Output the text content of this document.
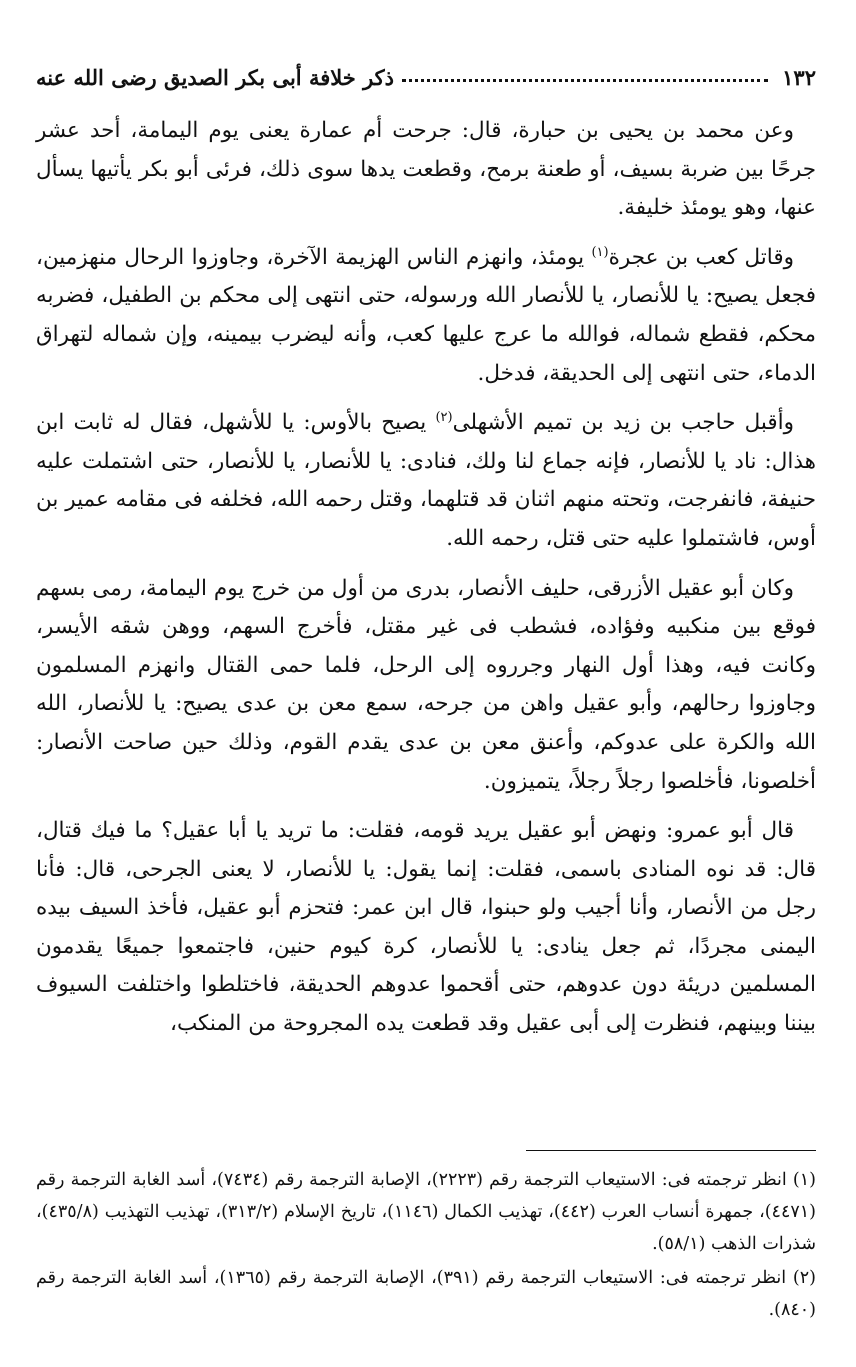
١٣٢
ذكر خلافة أبى بكر الصديق رضى الله عنه

وعن محمد بن يحيى بن حبارة، قال: جرحت أم عمارة يعنى يوم اليمامة، أحد عشر جرحًا بين ضربة بسيف، أو طعنة برمح، وقطعت يدها سوى ذلك، فرئى أبو بكر يأتيها يسأل عنها، وهو يومئذ خليفة.

وقاتل كعب بن عجرة$^{(١)}$ يومئذ، وانهزم الناس الهزيمة الآخرة، وجاوزوا الرحال منهزمين، فجعل يصيح: يا للأنصار، يا للأنصار الله ورسوله، حتى انتهى إلى محكم بن الطفيل، فضربه محكم، فقطع شماله، فوالله ما عرج عليها كعب، وأنه ليضرب بيمينه، وإن شماله لتهراق الدماء، حتى انتهى إلى الحديقة، فدخل.

وأقبل حاجب بن زيد بن تميم الأشهلى$^{(٢)}$ يصيح بالأوس: يا للأشهل، فقال له ثابت ابن هذال: ناد يا للأنصار، فإنه جماع لنا ولك، فنادى: يا للأنصار، يا للأنصار، حتى اشتملت عليه حنيفة، فانفرجت، وتحته منهم اثنان قد قتلهما، وقتل رحمه الله، فخلفه فى مقامه عمير بن أوس، فاشتملوا عليه حتى قتل، رحمه الله.

وكان أبو عقيل الأزرقى، حليف الأنصار، بدرى من أول من خرج يوم اليمامة، رمى بسهم فوقع بين منكبيه وفؤاده، فشطب فى غير مقتل، فأخرج السهم، ووهن شقه الأيسر، وكانت فيه، وهذا أول النهار وجرروه إلى الرحل، فلما حمى القتال وانهزم المسلمون وجاوزوا رحالهم، وأبو عقيل واهن من جرحه، سمع معن بن عدى يصيح: يا للأنصار، الله الله والكرة على عدوكم، وأعنق معن بن عدى يقدم القوم، وذلك حين صاحت الأنصار: أخلصونا، فأخلصوا رجلاً رجلاً، يتميزون.

قال أبو عمرو: ونهض أبو عقيل يريد قومه، فقلت: ما تريد يا أبا عقيل؟ ما فيك قتال، قال: قد نوه المنادى باسمى، فقلت: إنما يقول: يا للأنصار، لا يعنى الجرحى، قال: فأنا رجل من الأنصار، وأنا أجيب ولو حبنوا، قال ابن عمر: فتحزم أبو عقيل، فأخذ السيف بيده اليمنى مجردًا، ثم جعل ينادى: يا للأنصار، كرة كيوم حنين، فاجتمعوا جميعًا يقدمون المسلمين دريئة دون عدوهم، حتى أقحموا عدوهم الحديقة، فاختلطوا واختلفت السيوف بيننا وبينهم، فنظرت إلى أبى عقيل وقد قطعت يده المجروحة من المنكب،

(١) انظر ترجمته فى: الاستيعاب الترجمة رقم (٢٢٢٣)، الإصابة الترجمة رقم (٧٤٣٤)، أسد الغابة الترجمة رقم (٤٤٧١)، جمهرة أنساب العرب (٤٤٢)، تهذيب الكمال (١١٤٦)، تاريخ الإسلام (٣١٣/٢)، تهذيب التهذيب (٤٣٥/٨)، شذرات الذهب (٥٨/١).

(٢) انظر ترجمته فى: الاستيعاب الترجمة رقم (٣٩١)، الإصابة الترجمة رقم (١٣٦٥)، أسد الغابة الترجمة رقم (٨٤٠).
